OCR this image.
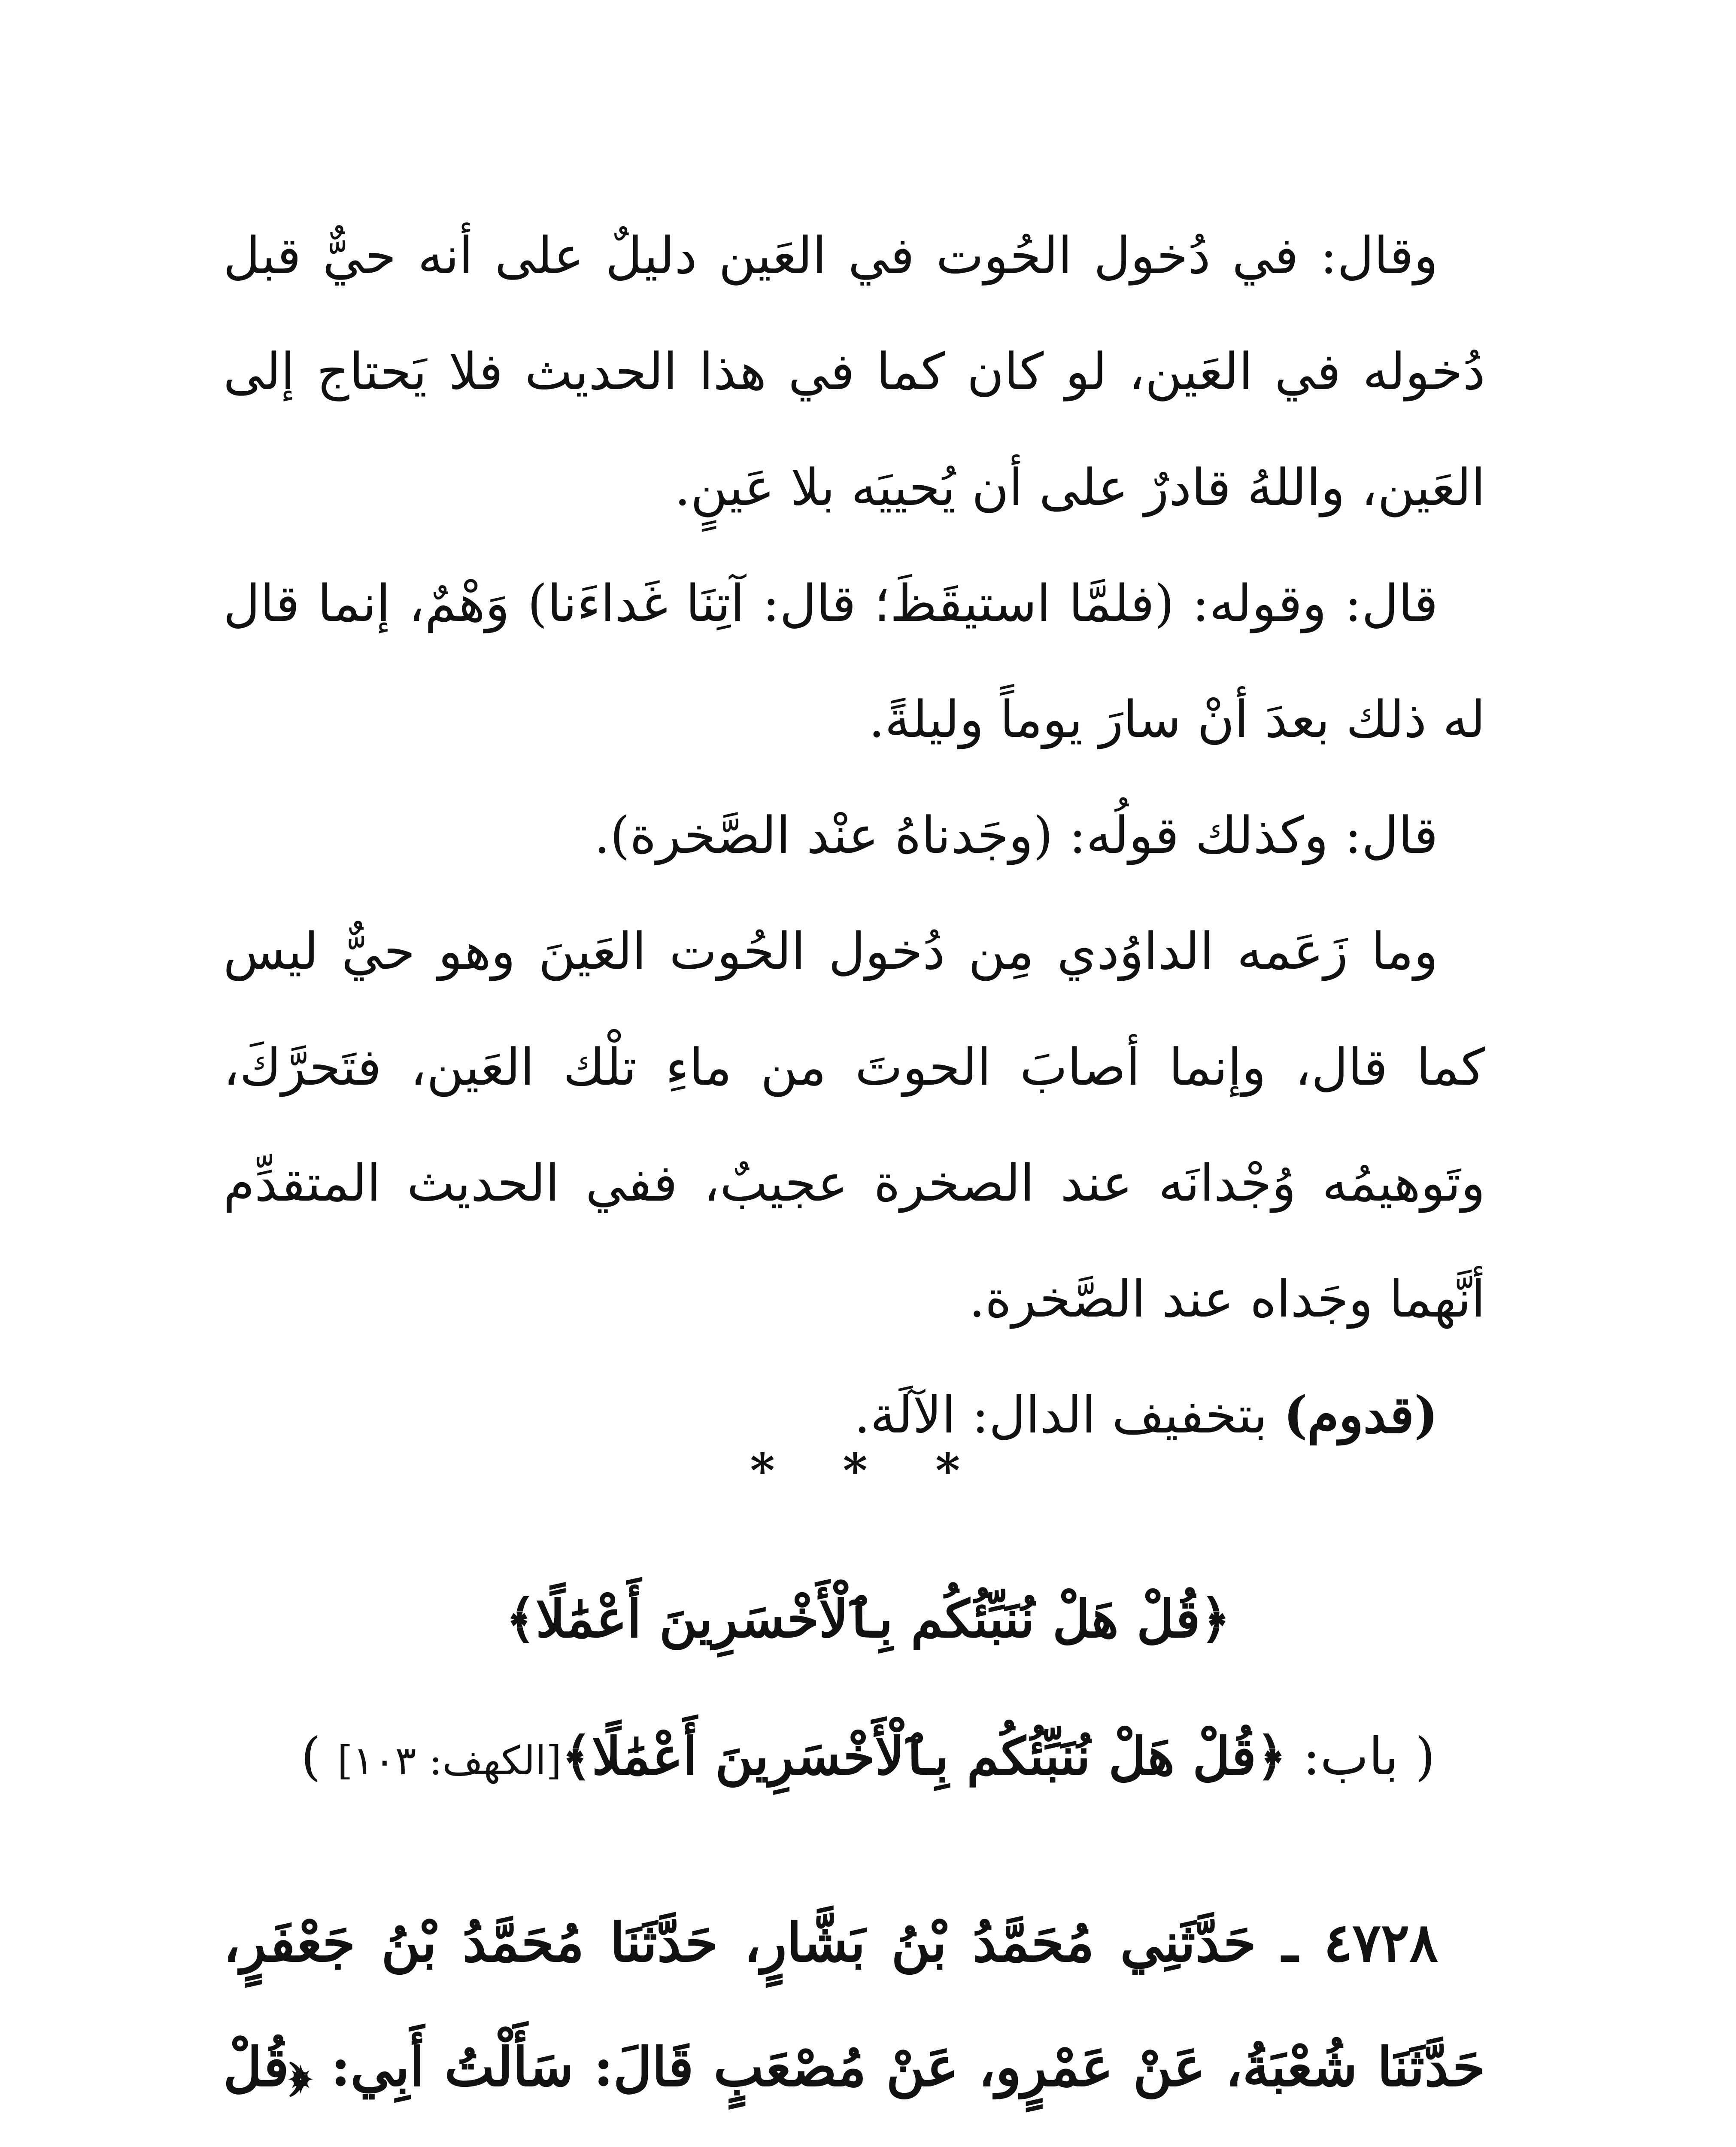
وقال: في دُخول الحُوت في العَين دليلٌ على أنه حيٌّ قبل دُخوله في العَين، لو كان كما في هذا الحديث فلا يَحتاج إلى العَين، واللهُ قادرٌ على أن يُحييَه بلا عَينٍ.

قال: وقوله: (فلمَّا استيقَظَ؛ قال: آتِنَا غَداءَنا) وَهْمٌ، إنما قال له ذلك بعدَ أنْ سارَ يوماً وليلةً.

قال: وكذلك قولُه: (وجَدناهُ عنْد الصَّخرة).

وما زَعَمه الداوُدي مِن دُخول الحُوت العَينَ وهو حيٌّ ليس كما قال، وإنما أصابَ الحوتَ من ماءِ تلْك العَين، فتَحرَّكَ، وتَوهيمُه وُجْدانَه عند الصخرة عجيبٌ، ففي الحديث المتقدِّم أنَّهما وجَداه عند الصَّخرة.

(قدوم) بتخفيف الدال: الآلَة.

* * *
﴿قُلْ هَلْ نُنَبِّئُكُم بِٱلْأَخْسَرِينَ أَعْمَٰلًا﴾
( باب: ﴿قُلْ هَلْ نُنَبِّئُكُم بِٱلْأَخْسَرِينَ أَعْمَٰلًا﴾[الكهف: ١٠٣] )

٤٧٢٨ ـ حَدَّثَنِي مُحَمَّدُ بْنُ بَشَّارٍ، حَدَّثَنَا مُحَمَّدُ بْنُ جَعْفَرٍ، حَدَّثَنَا شُعْبَةُ، عَنْ عَمْرٍو، عَنْ مُصْعَبٍ قَالَ: سَأَلْتُ أَبِي: ﴿قُلْ
